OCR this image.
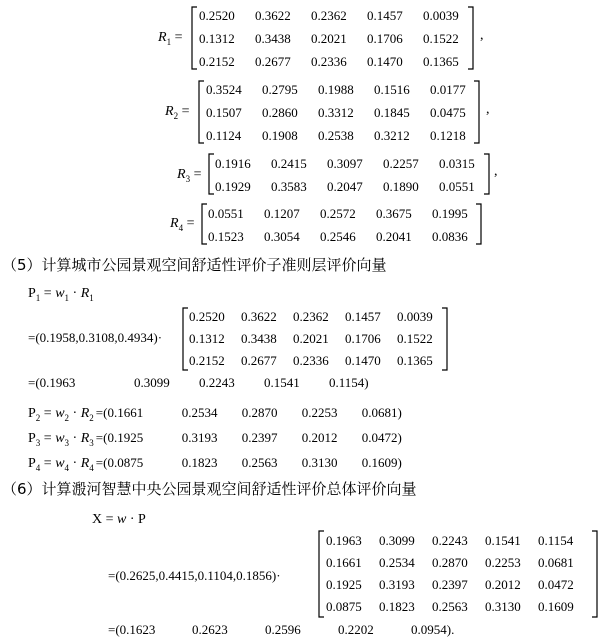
$R_1$ =
0.2520 0.3622 0.2362 0.1457 0.0039
0.1312 0.3438 0.2021 0.1706 0.1522
0.2152 0.2677 0.2336 0.1470 0.1365
,
$R_2$ =
0.3524 0.2795 0.1988 0.1516 0.0177
0.1507 0.2860 0.3312 0.1845 0.0475
0.1124 0.1908 0.2538 0.3212 0.1218
,
$R_3$ =
0.1916 0.2415 0.3097 0.2257 0.0315
0.1929 0.3583 0.2047 0.1890 0.0551
,
$R_4$ =
0.0551 0.1207 0.2572 0.3675 0.1995
0.1523 0.3054 0.2546 0.2041 0.0836
（5）计算城市公园景观空间舒适性评价子准则层评价向量
$P_1 = w_1 \cdot R_1$
=(0.1958,0.3108,0.4934)·
0.2520 0.3622 0.2362 0.1457 0.0039
0.1312 0.3438 0.2021 0.1706 0.1522
0.2152 0.2677 0.2336 0.1470 0.1365
=(0.1963	0.3099 0.2243 0.1541 0.1154)
$P_2 = w_2 \cdot R_2 =(0.1661$	0.2534 0.2870 0.2253 0.0681)
$P_3 = w_3 \cdot R_3 =(0.1925$	0.3193 0.2397 0.2012 0.0472)
$P_4 = w_4 \cdot R_4 =(0.0875$	0.1823 0.2563 0.3130 0.1609)
（6）计算溵河智慧中央公园景观空间舒适性评价总体评价向量
X = w · P
=(0.2625,0.4415,0.1104,0.1856)·
0.1963 0.3099 0.2243 0.1541 0.1154
0.1661 0.2534 0.2870 0.2253 0.0681
0.1925 0.3193 0.2397 0.2012 0.0472
0.0875 0.1823 0.2563 0.3130 0.1609
=(0.1623	0.2623	0.2596	0.2202	0.0954).
